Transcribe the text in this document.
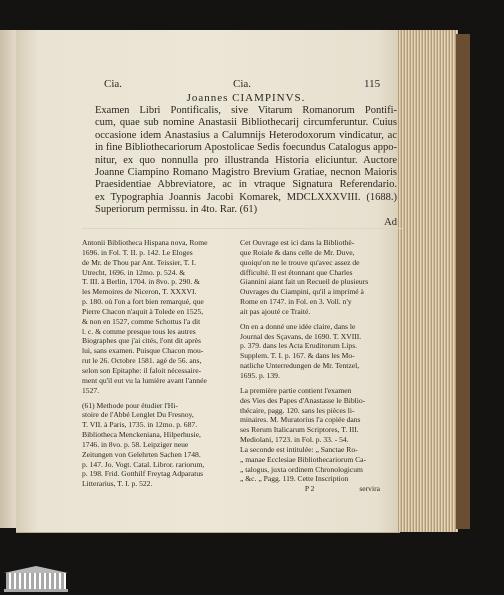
Cia.	Cia.	115
Joannes CIAMPINVS.
Examen Libri Pontificalis, sive Vitarum Romanorum Pontifi-
cum, quae sub nomine Anastasii Bibliothecarij circumferuntur. Cuius
occasione idem Anastasius a Calumnijs Heterodoxorum vindicatur, ac
in fine Bibliothecariorum Apostolicae Sedis foecundus Catalogus appo-
nitur, ex quo nonnulla pro illustranda Historia eliciuntur. Auctore
Joanne Ciampino Romano Magistro Brevium Gratiae, necnon Maioris
Praesidentiae Abbreviatore, ac in vtraque Signatura Referendario.
ex Typographia Joannis Jacobi Komarek, MDCLXXXVIII. (1688.)
Superiorum permissu. in 4to. Rar. (61)
Ad
Antonii Bibliotheca Hispana nova, Rome
1696. in Fol. T. II. p. 142. Le Eloges
de Mr. de Thou par Ant. Teissier, T. I.
Utrecht, 1696. in 12mo. p. 524. &
T. III. à Berlin, 1704. in 8vo. p. 290. &
les Memoires de Niceron, T. XXXVI.
p. 180. où l'on a fort bien remarqué, que
Pierre Chacon n'aquit à Tolede en 1525,
& non en 1527, comme Schottus l'a dit
l. c. & comme presque tous les autres
Biographes que j'ai cités, l'ont dit après
lui, sans examen. Puisque Chacon mou-
rut le 26. Octobre 1581. agé de 56. ans,
selon son Epitaphe: il faloit nécessaire-
ment qu'il eut vu la lumière avant l'année
1527.
(61) Methode pour étudier l'Hi-
stoire de l'Abbé Lenglet Du Fresnoy,
T. VII. à Paris, 1735. in 12mo. p. 687.
Bibliotheca Menckeniana, Hilperhusie,
1746. in 8vo. p. 58. Leipziger neue
Zeitungen von Gelehrten Sachen 1748.
p. 147. Jo. Vogt. Catal. Libror. rariorum,
p. 198. Frid. Gotthilf Freytag Adparatus
Litterarius, T. I. p. 522.
Cet Ouvrage est ici dans la Bibliothè-
que Roiale & dans celle de Mr. Duve,
quoiqu'on ne le trouve qu'avec assez de
difficulté. Il est étonnant que Charles
Giannini aiant fait un Recueil de plusieurs
Ouvrages du Ciampini, qu'il a imprimé à
Rome en 1747. in Fol. en 3. Voll. n'y
ait pas ajouté ce Traité.
On en a donné une idée claire, dans le
Journal des Sçavans, de 1690. T. XVIII.
p. 379. dans les Acta Eruditorum Lips.
Supplem. T. I. p. 167. & dans les Mo-
natliche Unterredungen de Mr. Tentzel,
1695. p. 139.
La première partie contient l'examen
des Vies des Papes d'Anastasse le Biblio-
thécaire, pagg. 120. sans les pièces li-
minaires. M. Muratorius l'a copiée dans
ses Rerum Italicarum Scriptores, T. III.
Mediolani, 1723. in Fol. p. 33. - 54.
La seconde est intitulée: „ Sanctae Ro-
„ manae Ecclesiae Bibliothecariorum Ca-
„ talogus, juxta ordinem Chronologicum
„ &c. „ Pagg. 119. Cette Inscription
P 2	servira
